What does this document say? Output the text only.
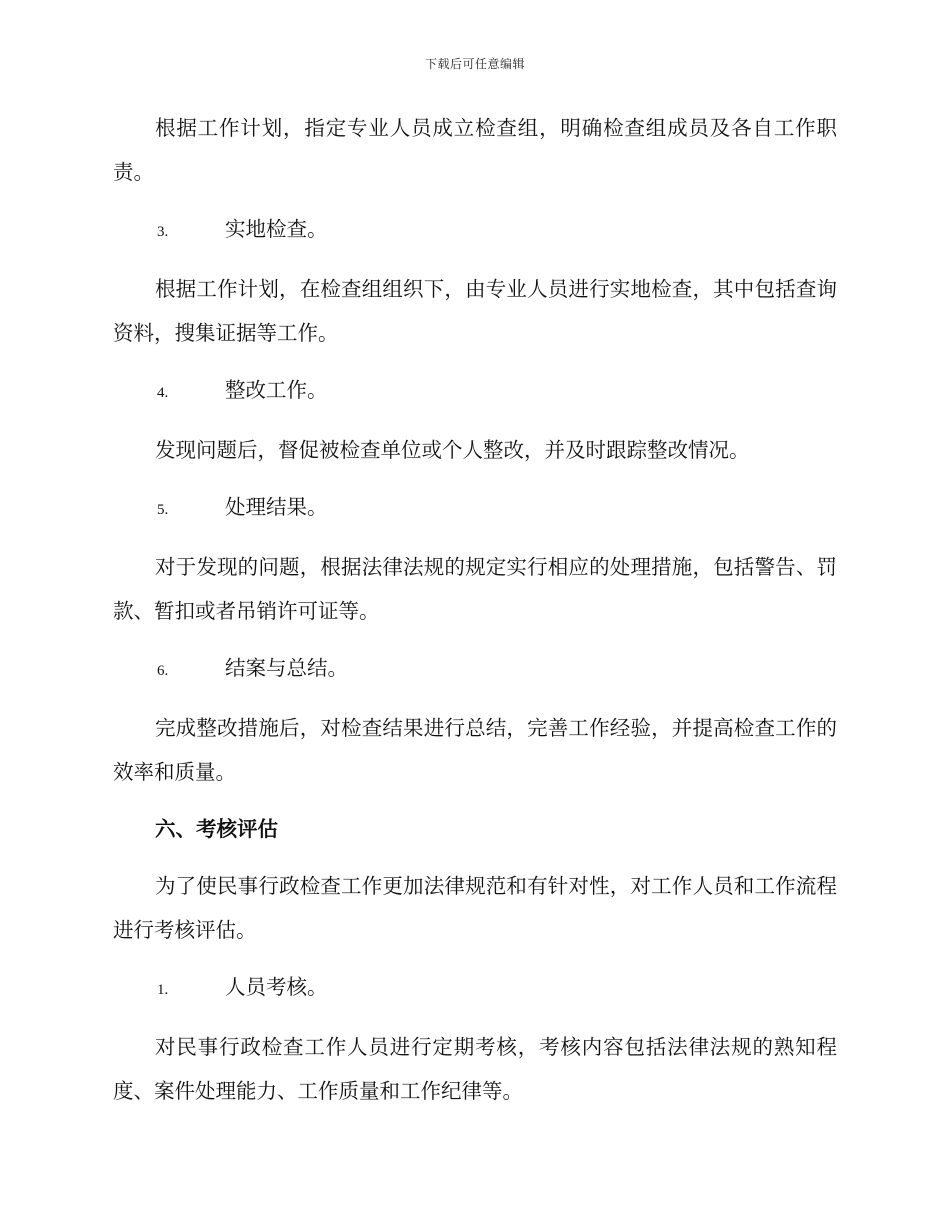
下载后可任意编辑

根据工作计划，指定专业人员成立检查组，明确检查组成员及各自工作职责。

3.	实地检查。

根据工作计划，在检查组组织下，由专业人员进行实地检查，其中包括查询资料，搜集证据等工作。

4.	整改工作。

发现问题后，督促被检查单位或个人整改，并及时跟踪整改情况。

5.	处理结果。

对于发现的问题，根据法律法规的规定实行相应的处理措施，包括警告、罚款、暂扣或者吊销许可证等。

6.	结案与总结。

完成整改措施后，对检查结果进行总结，完善工作经验，并提高检查工作的效率和质量。

六、考核评估

为了使民事行政检查工作更加法律规范和有针对性，对工作人员和工作流程进行考核评估。

1.	人员考核。

对民事行政检查工作人员进行定期考核，考核内容包括法律法规的熟知程度、案件处理能力、工作质量和工作纪律等。
